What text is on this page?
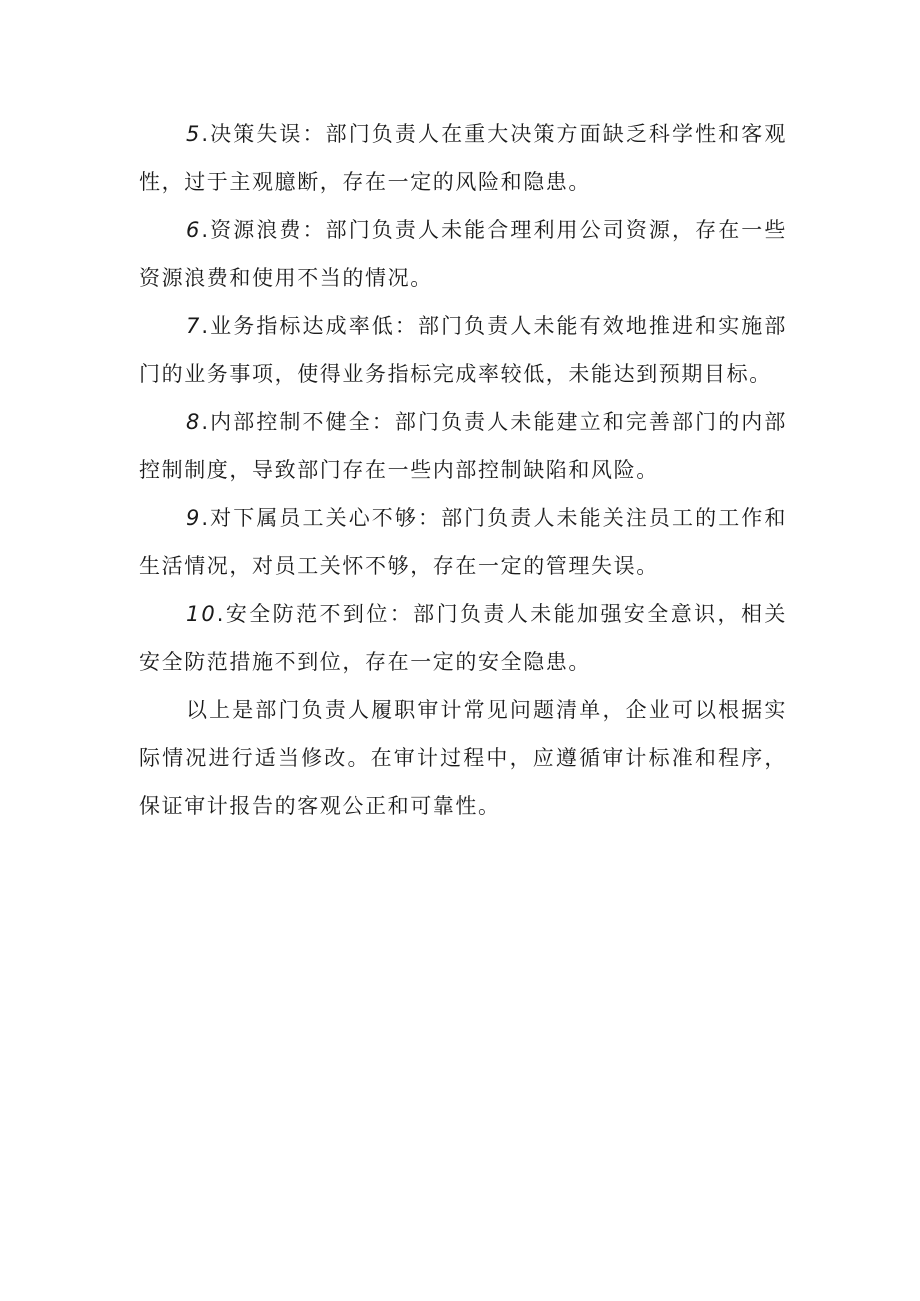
5.决策失误：部门负责人在重大决策方面缺乏科学性和客观性，过于主观臆断，存在一定的风险和隐患。

6.资源浪费：部门负责人未能合理利用公司资源，存在一些资源浪费和使用不当的情况。

7.业务指标达成率低：部门负责人未能有效地推进和实施部门的业务事项，使得业务指标完成率较低，未能达到预期目标。

8.内部控制不健全：部门负责人未能建立和完善部门的内部控制制度，导致部门存在一些内部控制缺陷和风险。

9.对下属员工关心不够：部门负责人未能关注员工的工作和生活情况，对员工关怀不够，存在一定的管理失误。

10.安全防范不到位：部门负责人未能加强安全意识，相关安全防范措施不到位，存在一定的安全隐患。

以上是部门负责人履职审计常见问题清单，企业可以根据实际情况进行适当修改。在审计过程中，应遵循审计标准和程序，保证审计报告的客观公正和可靠性。
